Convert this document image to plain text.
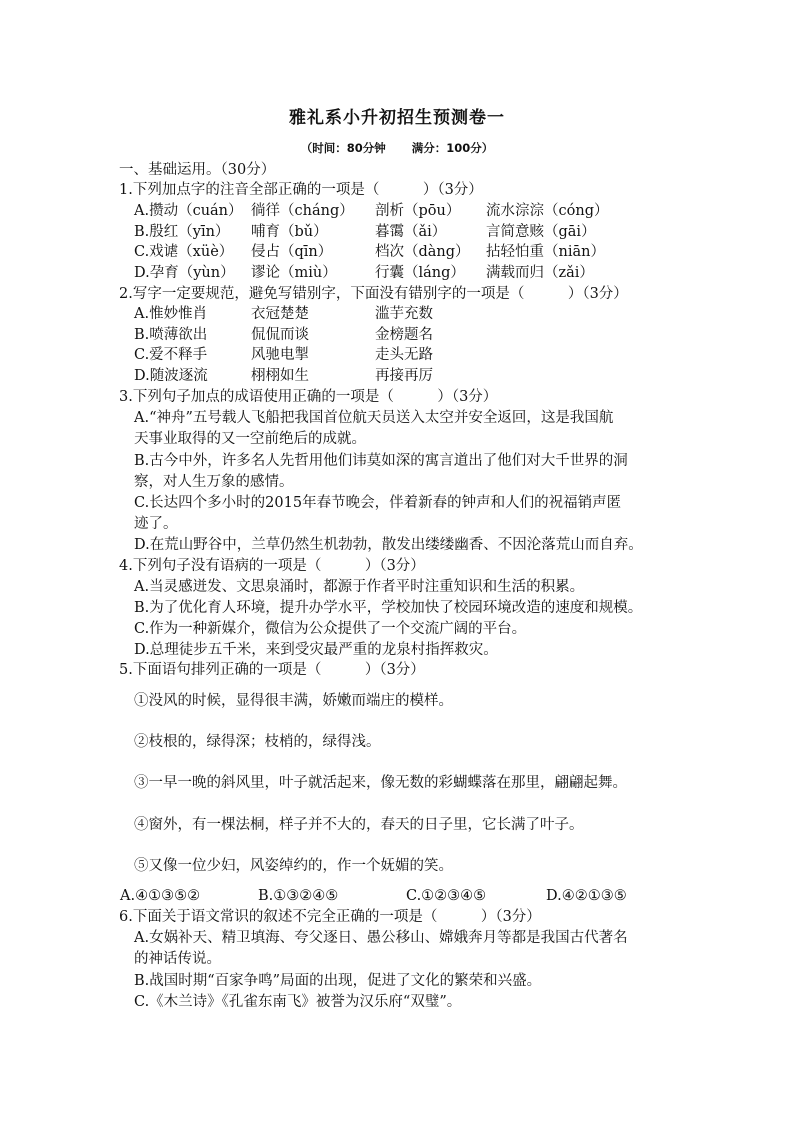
雅礼系小升初招生预测卷一
（时间：80分钟 满分：100分）
一、基础运用。（30分）
1.下列加点字的注音全部正确的一项是（　　　）（3分）
A.攒动（cuán） 徜徉（cháng） 剖析（pōu） 流水淙淙（cóng）
B.殷红（yīn） 哺育（bǔ）	暮霭（ǎi）	言简意赅（gāi）
C.戏谑（xüè） 侵占（qīn）	档次（dàng） 拈轻怕重（niān）
D.孕育（yùn） 谬论（miù）	行囊（láng） 满载而归（zǎi）
2.写字一定要规范，避免写错别字，下面没有错别字的一项是（　　　）（3分）
A.惟妙惟肖	衣冠楚楚	滥芋充数
B.喷薄欲出	侃侃而谈	金榜题名
C.爱不释手	风驰电掣	走头无路
D.随波逐流	栩栩如生	再接再厉
3.下列句子加点的成语使用正确的一项是（　　　）（3分）
A.“神舟”五号载人飞船把我国首位航天员送入太空并安全返回，这是我国航
天事业取得的又一空前绝后的成就。
B.古今中外，许多名人先哲用他们讳莫如深的寓言道出了他们对大千世界的洞
察，对人生万象的感情。
C.长达四个多小时的2015年春节晚会，伴着新春的钟声和人们的祝福销声匿
迹了。
D.在荒山野谷中，兰草仍然生机勃勃，散发出缕缕幽香、不因沦落荒山而自弃。
4.下列句子没有语病的一项是（　　　）（3分）
A.当灵感迸发、文思泉涌时，都源于作者平时注重知识和生活的积累。
B.为了优化育人环境，提升办学水平，学校加快了校园环境改造的速度和规模。
C.作为一种新媒介，微信为公众提供了一个交流广阔的平台。
D.总理徒步五千米，来到受灾最严重的龙泉村指挥救灾。
5.下面语句排列正确的一项是（　　　）（3分）
①没风的时候，显得很丰满，娇嫩而端庄的模样。
②枝根的，绿得深；枝梢的，绿得浅。
③一早一晚的斜风里，叶子就活起来，像无数的彩蝴蝶落在那里，翩翩起舞。
④窗外，有一棵法桐，样子并不大的，春天的日子里，它长满了叶子。
⑤又像一位少妇，风姿绰约的，作一个妩媚的笑。
A.④①③⑤②	B.①③②④⑤	C.①②③④⑤	D.④②①③⑤
6.下面关于语文常识的叙述不完全正确的一项是（　　　）（3分）
A.女娲补天、精卫填海、夸父逐日、愚公移山、嫦娥奔月等都是我国古代著名
的神话传说。
B.战国时期“百家争鸣”局面的出现，促进了文化的繁荣和兴盛。
C.《木兰诗》《孔雀东南飞》被誉为汉乐府“双璧”。
